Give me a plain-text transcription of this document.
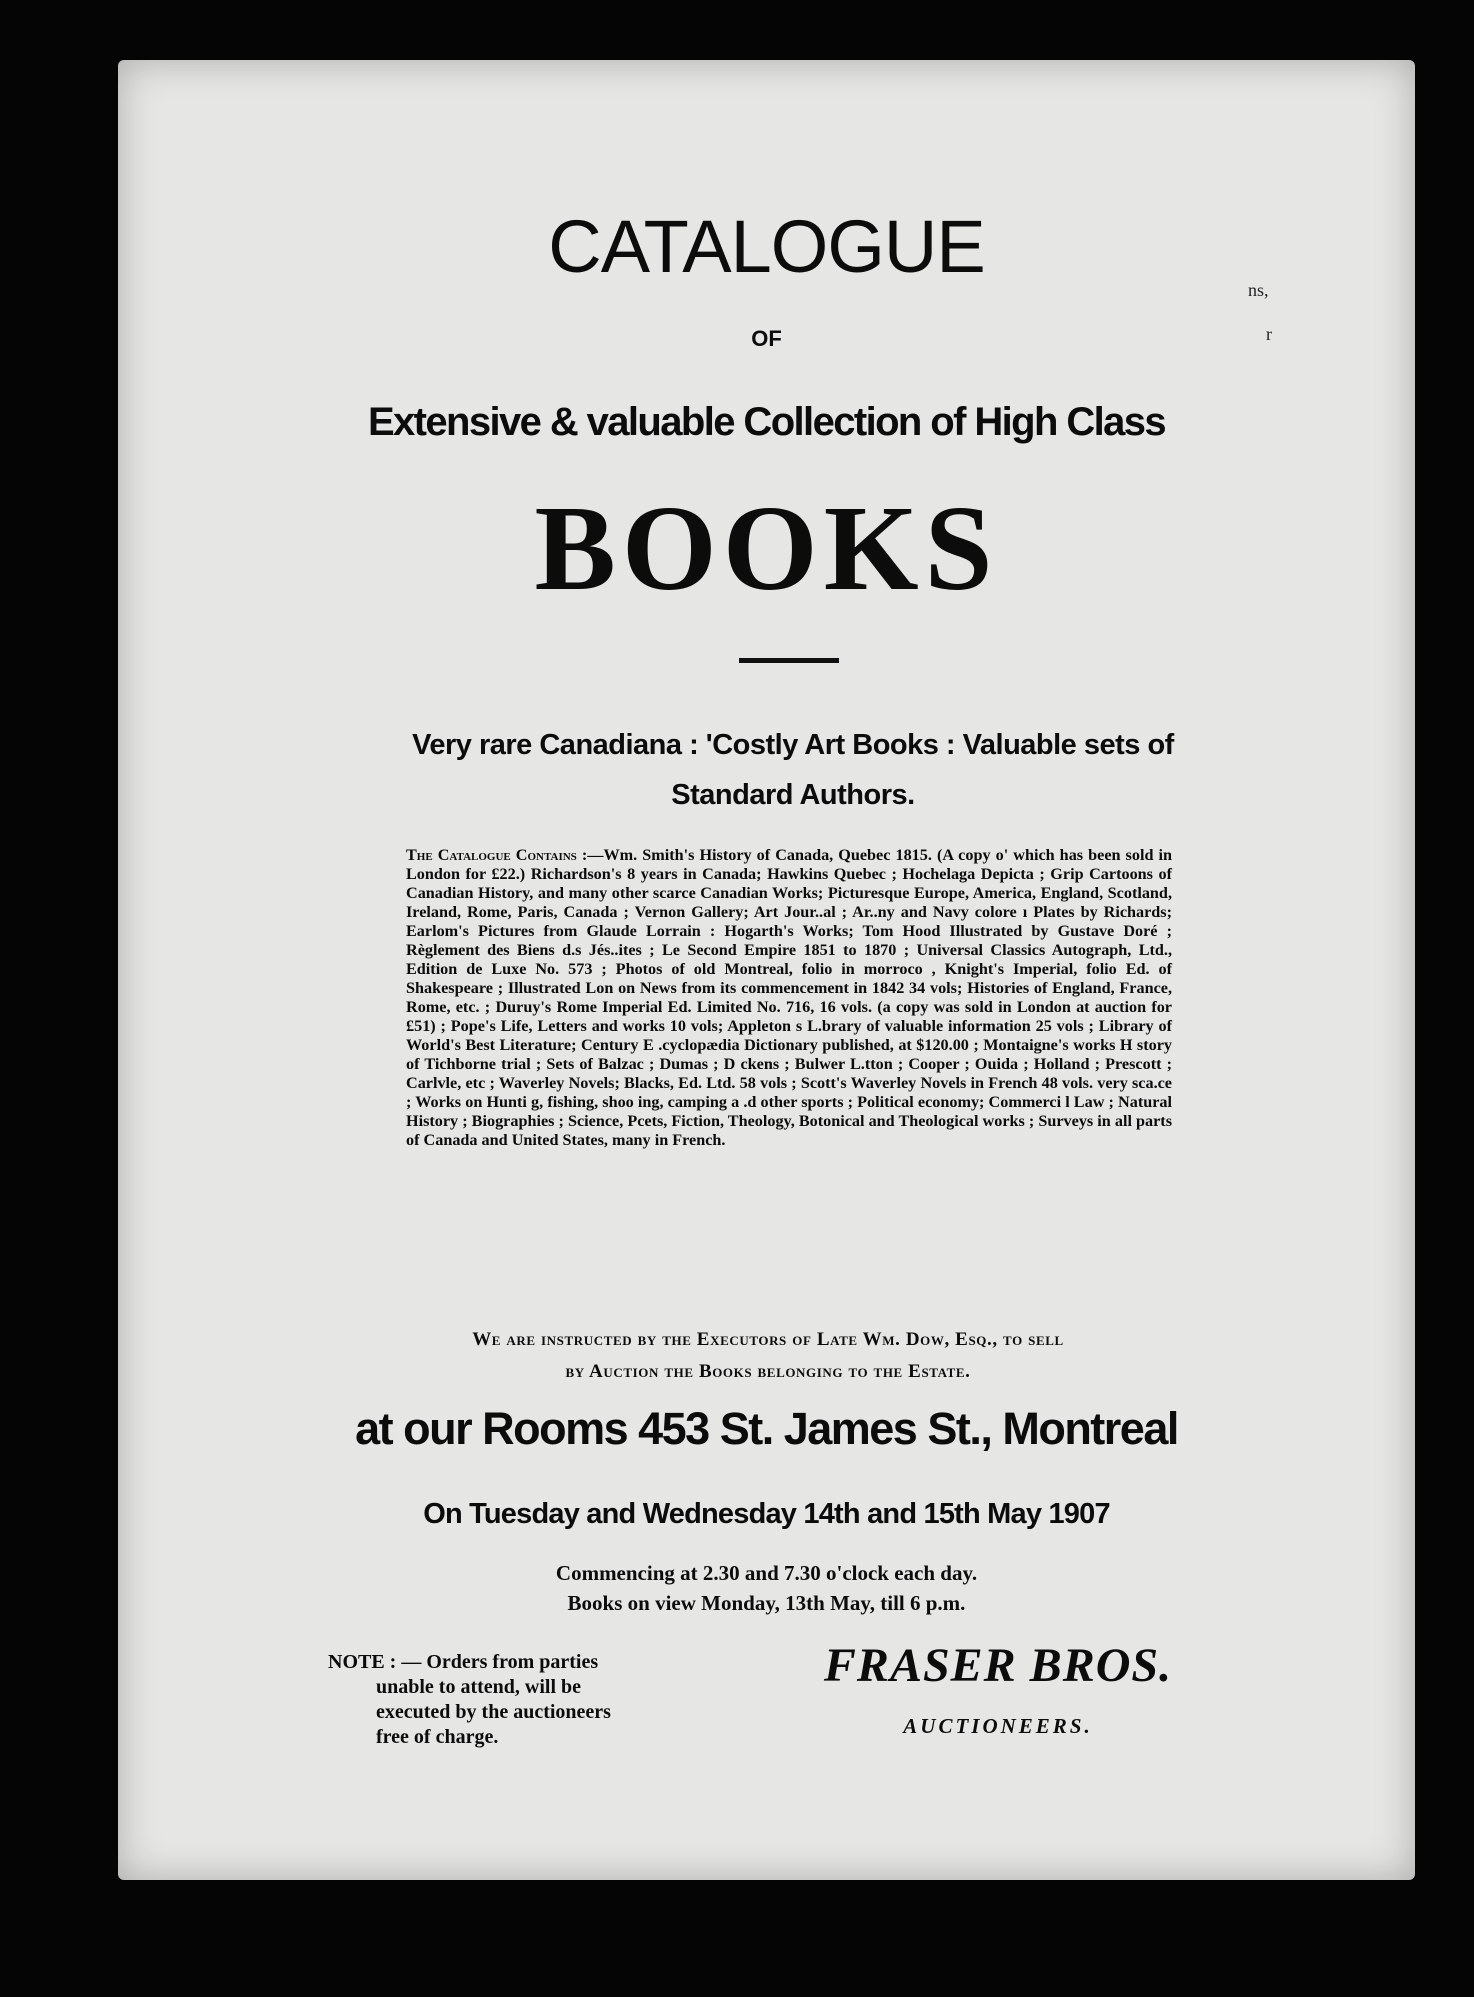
CATALOGUE
OF
Extensive & valuable Collection of High Class
BOOKS
Very rare Canadiana : 'Costly Art Books : Valuable sets of
Standard Authors.
The Catalogue Contains :—Wm. Smith's History of Canada, Quebec 1815. (A copy o' which has been sold in London for £22.) Richardson's 8 years in Canada; Hawkins Quebec ; Hochelaga Depicta ; Grip Cartoons of Canadian History, and many other scarce Canadian Works; Picturesque Europe, America, England, Scotland, Ireland, Rome, Paris, Canada ; Vernon Gallery; Art Jour..al ; Ar..ny and Navy colore ı Plates by Richards; Earlom's Pictures from Glaude Lorrain : Hogarth's Works; Tom Hood Illustrated by Gustave Doré ; Règlement des Biens d.s Jés..ites ; Le Second Empire 1851 to 1870 ; Universal Classics Autograph, Ltd., Edition de Luxe No. 573 ; Photos of old Montreal, folio in morroco , Knight's Imperial, folio Ed. of Shakespeare ; Illustrated Lon on News from its commencement in 1842 34 vols; Histories of England, France, Rome, etc. ; Duruy's Rome Imperial Ed. Limited No. 716, 16 vols. (a copy was sold in London at auction for £51) ; Pope's Life, Letters and works 10 vols; Appleton s L.brary of valuable information 25 vols ; Library of World's Best Literature; Century E .cyclopædia Dictionary published, at $120.00 ; Montaigne's works H story of Tichborne trial ; Sets of Balzac ; Dumas ; D ckens ; Bulwer L.tton ; Cooper ; Ouida ; Holland ; Prescott ; Carlvle, etc ; Waverley Novels; Blacks, Ed. Ltd. 58 vols ; Scott's Waverley Novels in French 48 vols. very sca.ce ; Works on Hunti g, fishing, shoo ing, camping a .d other sports ; Political economy; Commerci l Law ; Natural History ; Biographies ; Science, Pcets, Fiction, Theology, Botonical and Theological works ; Surveys in all parts of Canada and United States, many in French.
We are instructed by the Executors of Late Wm. Dow, Esq., to sell
by Auction the Books belonging to the Estate.
at our Rooms 453 St. James St., Montreal
On Tuesday and Wednesday 14th and 15th May 1907
Commencing at 2.30 and 7.30 o'clock each day.
Books on view Monday, 13th May, till 6 p.m.
NOTE : — Orders from parties
unable to attend, will be
executed by the auctioneers
free of charge.
FRASER BROS.
AUCTIONEERS.
ns,
r
